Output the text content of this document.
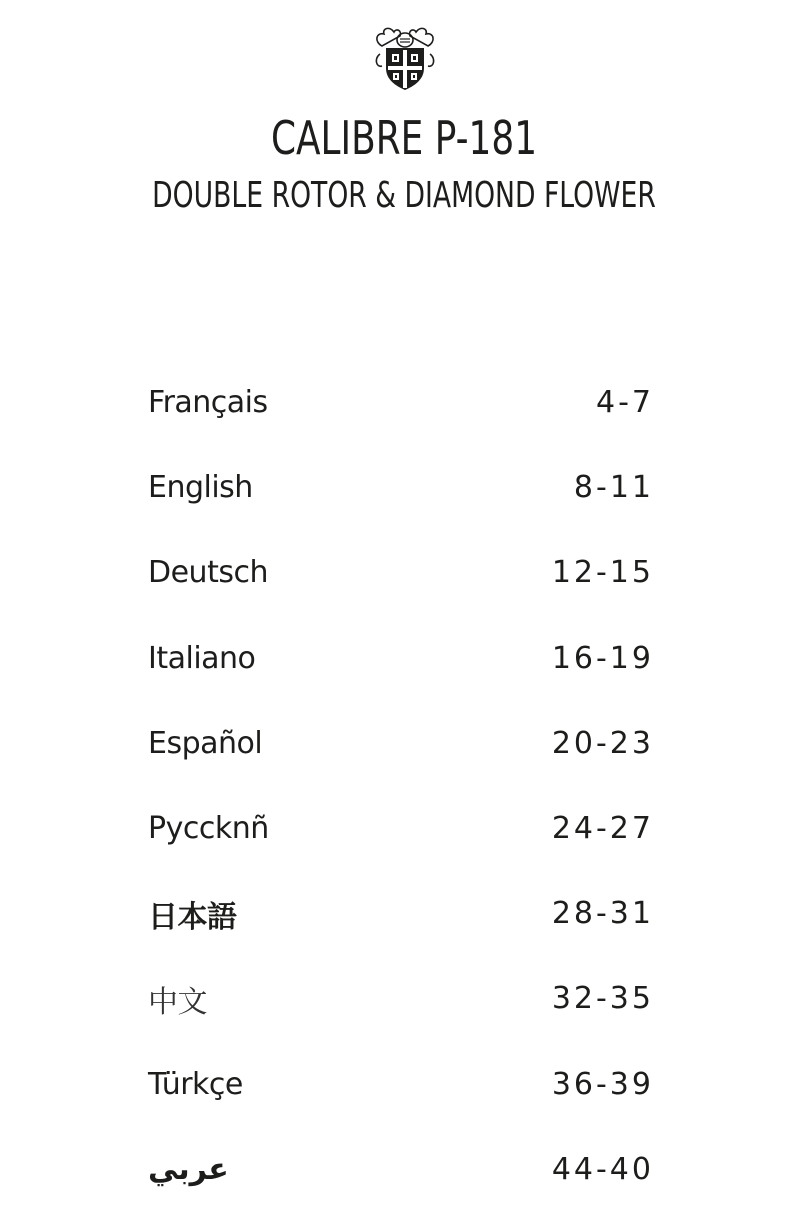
CALIBRE P-181
DOUBLE ROTOR & DIAMOND FLOWER
Français	4-7
English	8-11
Deutsch	12-15
Italiano	16-19
Español	20-23
Pyccknñ	24-27
日本語	28-31
中文	32-35
Türkçe	36-39
عربي	44-40
